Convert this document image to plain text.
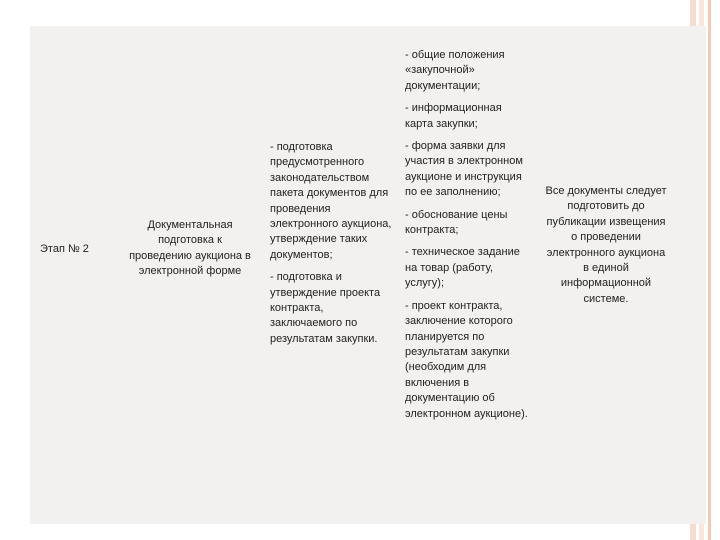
Этап № 2
Документальная
подготовка к
проведению аукциона в
электронной форме
- подготовка
предусмотренного
законодательством
пакета документов для
проведения
электронного аукциона,
утверждение таких
документов;
- подготовка и
утверждение проекта
контракта,
заключаемого по
результатам закупки.
- общие положения
«закупочной»
документации;
- информационная
карта закупки;
- форма заявки для
участия в электронном
аукционе и инструкция
по ее заполнению;
- обоснование цены
контракта;
- техническое задание
на товар (работу,
услугу);
- проект контракта,
заключение которого
планируется по
результатам закупки
(необходим для
включения в
документацию об
электронном аукционе).
Все документы следует
подготовить до
публикации извещения
о проведении
электронного аукциона
в единой
информационной
системе.
